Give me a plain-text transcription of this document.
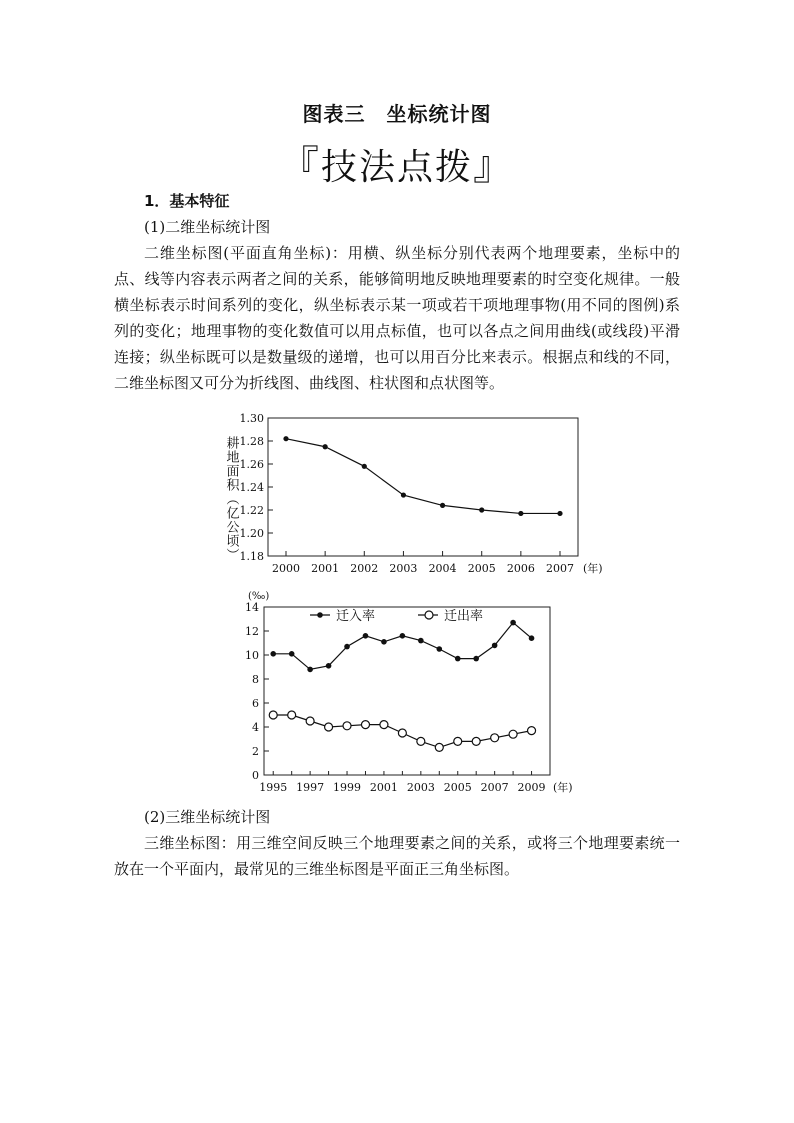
图表三　坐标统计图
『技法点拨』

1．基本特征

(1)二维坐标统计图

二维坐标图(平面直角坐标)：用横、纵坐标分别代表两个地理要素，坐标中的点、线等内容表示两者之间的关系，能够简明地反映地理要素的时空变化规律。一般横坐标表示时间系列的变化，纵坐标表示某一项或若干项地理事物(用不同的图例)系列的变化；地理事物的变化数值可以用点标值，也可以各点之间用曲线(或线段)平滑连接；纵坐标既可以是数量级的递增，也可以用百分比来表示。根据点和线的不同，二维坐标图又可分为折线图、曲线图、柱状图和点状图等。

1.18
1.20
1.22
1.24
1.26
1.28
1.30
2000 2001 2002 2003 2004 2005 2006 2007 (年)
耕地面积（亿公顷）
(‰)
0
2
4
6
8
10
12
14
1995 1997 1999 2001 2003 2005 2007 2009 (年)
迁入率	迁出率

(2)三维坐标统计图

三维坐标图：用三维空间反映三个地理要素之间的关系，或将三个地理要素统一放在一个平面内，最常见的三维坐标图是平面正三角坐标图。
